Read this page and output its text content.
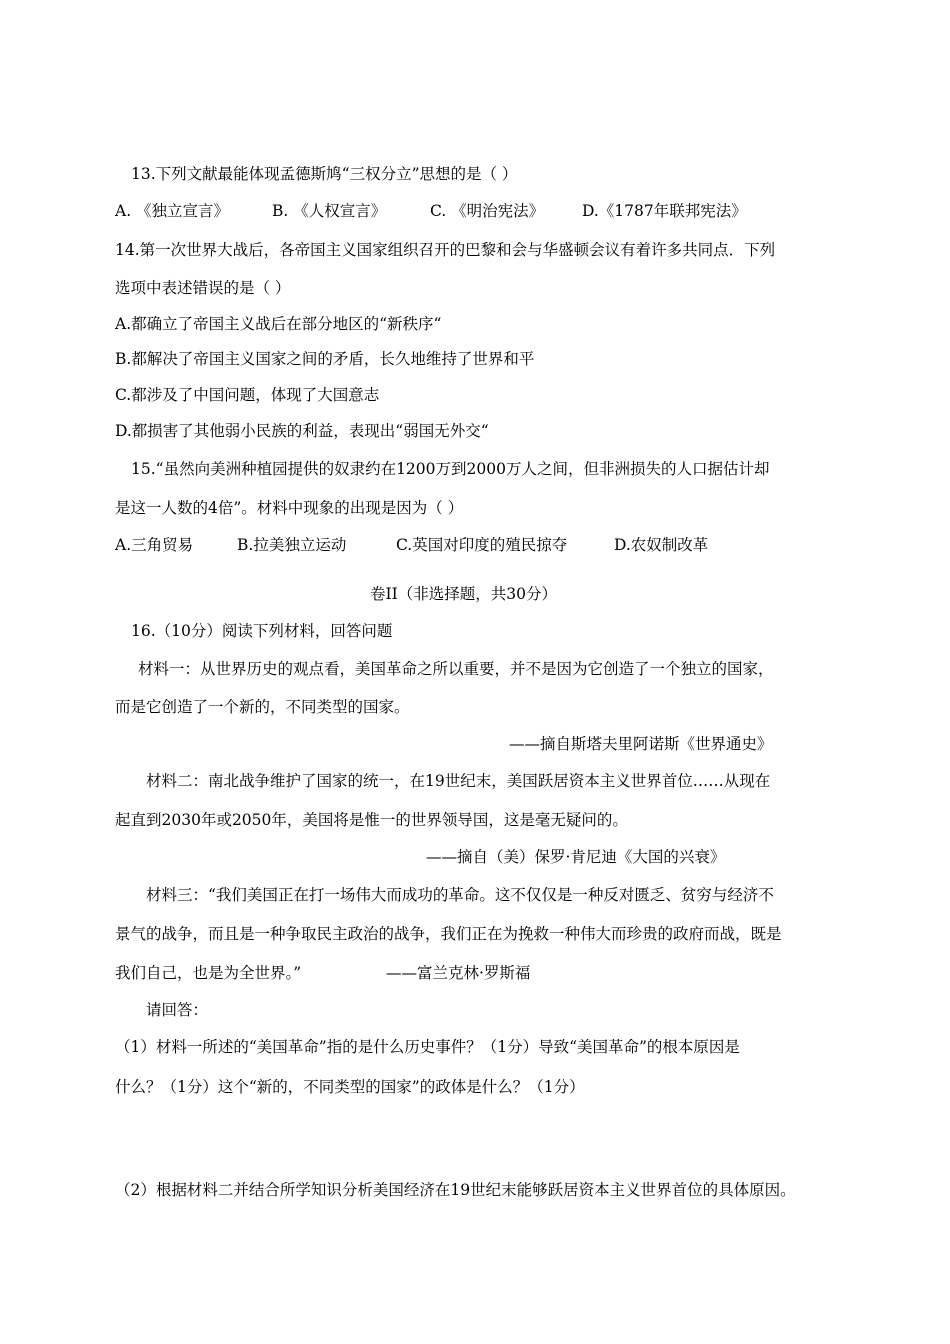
13.下列文献最能体现孟德斯鸠“三权分立”思想的是（ ）
A. 《独立宣言》	B. 《人权宣言》	C. 《明治宪法》 D.《1787年联邦宪法》
14.第一次世界大战后，各帝国主义国家组织召开的巴黎和会与华盛顿会议有着许多共同点．下列
选项中表述错误的是（ ）
A.都确立了帝国主义战后在部分地区的“新秩序“
B.都解决了帝国主义国家之间的矛盾，长久地维持了世界和平
C.都涉及了中国问题，体现了大国意志
D.都损害了其他弱小民族的利益，表现出“弱国无外交“
15.“虽然向美洲种植园提供的奴隶约在1200万到2000万人之间，但非洲损失的人口据估计却
是这一人数的4倍”。材料中现象的出现是因为（ ）
A.三角贸易	B.拉美独立运动	C.英国对印度的殖民掠夺	D.农奴制改革
卷II（非选择题，共30分）
16.（10分）阅读下列材料，回答问题
材料一：从世界历史的观点看，美国革命之所以重要，并不是因为它创造了一个独立的国家，
而是它创造了一个新的，不同类型的国家。
——摘自斯塔夫里阿诺斯《世界通史》
材料二：南北战争维护了国家的统一，在19世纪末，美国跃居资本主义世界首位……从现在
起直到2030年或2050年，美国将是惟一的世界领导国，这是毫无疑问的。
——摘自（美）保罗·肯尼迪《大国的兴衰》
材料三：“我们美国正在打一场伟大而成功的革命。这不仅仅是一种反对匮乏、贫穷与经济不
景气的战争，而且是一种争取民主政治的战争，我们正在为挽救一种伟大而珍贵的政府而战，既是
我们自己，也是为全世界。”	——富兰克林·罗斯福
请回答：
（1）材料一所述的“美国革命”指的是什么历史事件？（1分）导致“美国革命”的根本原因是
什么？（1分）这个“新的，不同类型的国家”的政体是什么？（1分）
（2）根据材料二并结合所学知识分析美国经济在19世纪末能够跃居资本主义世界首位的具体原因。
